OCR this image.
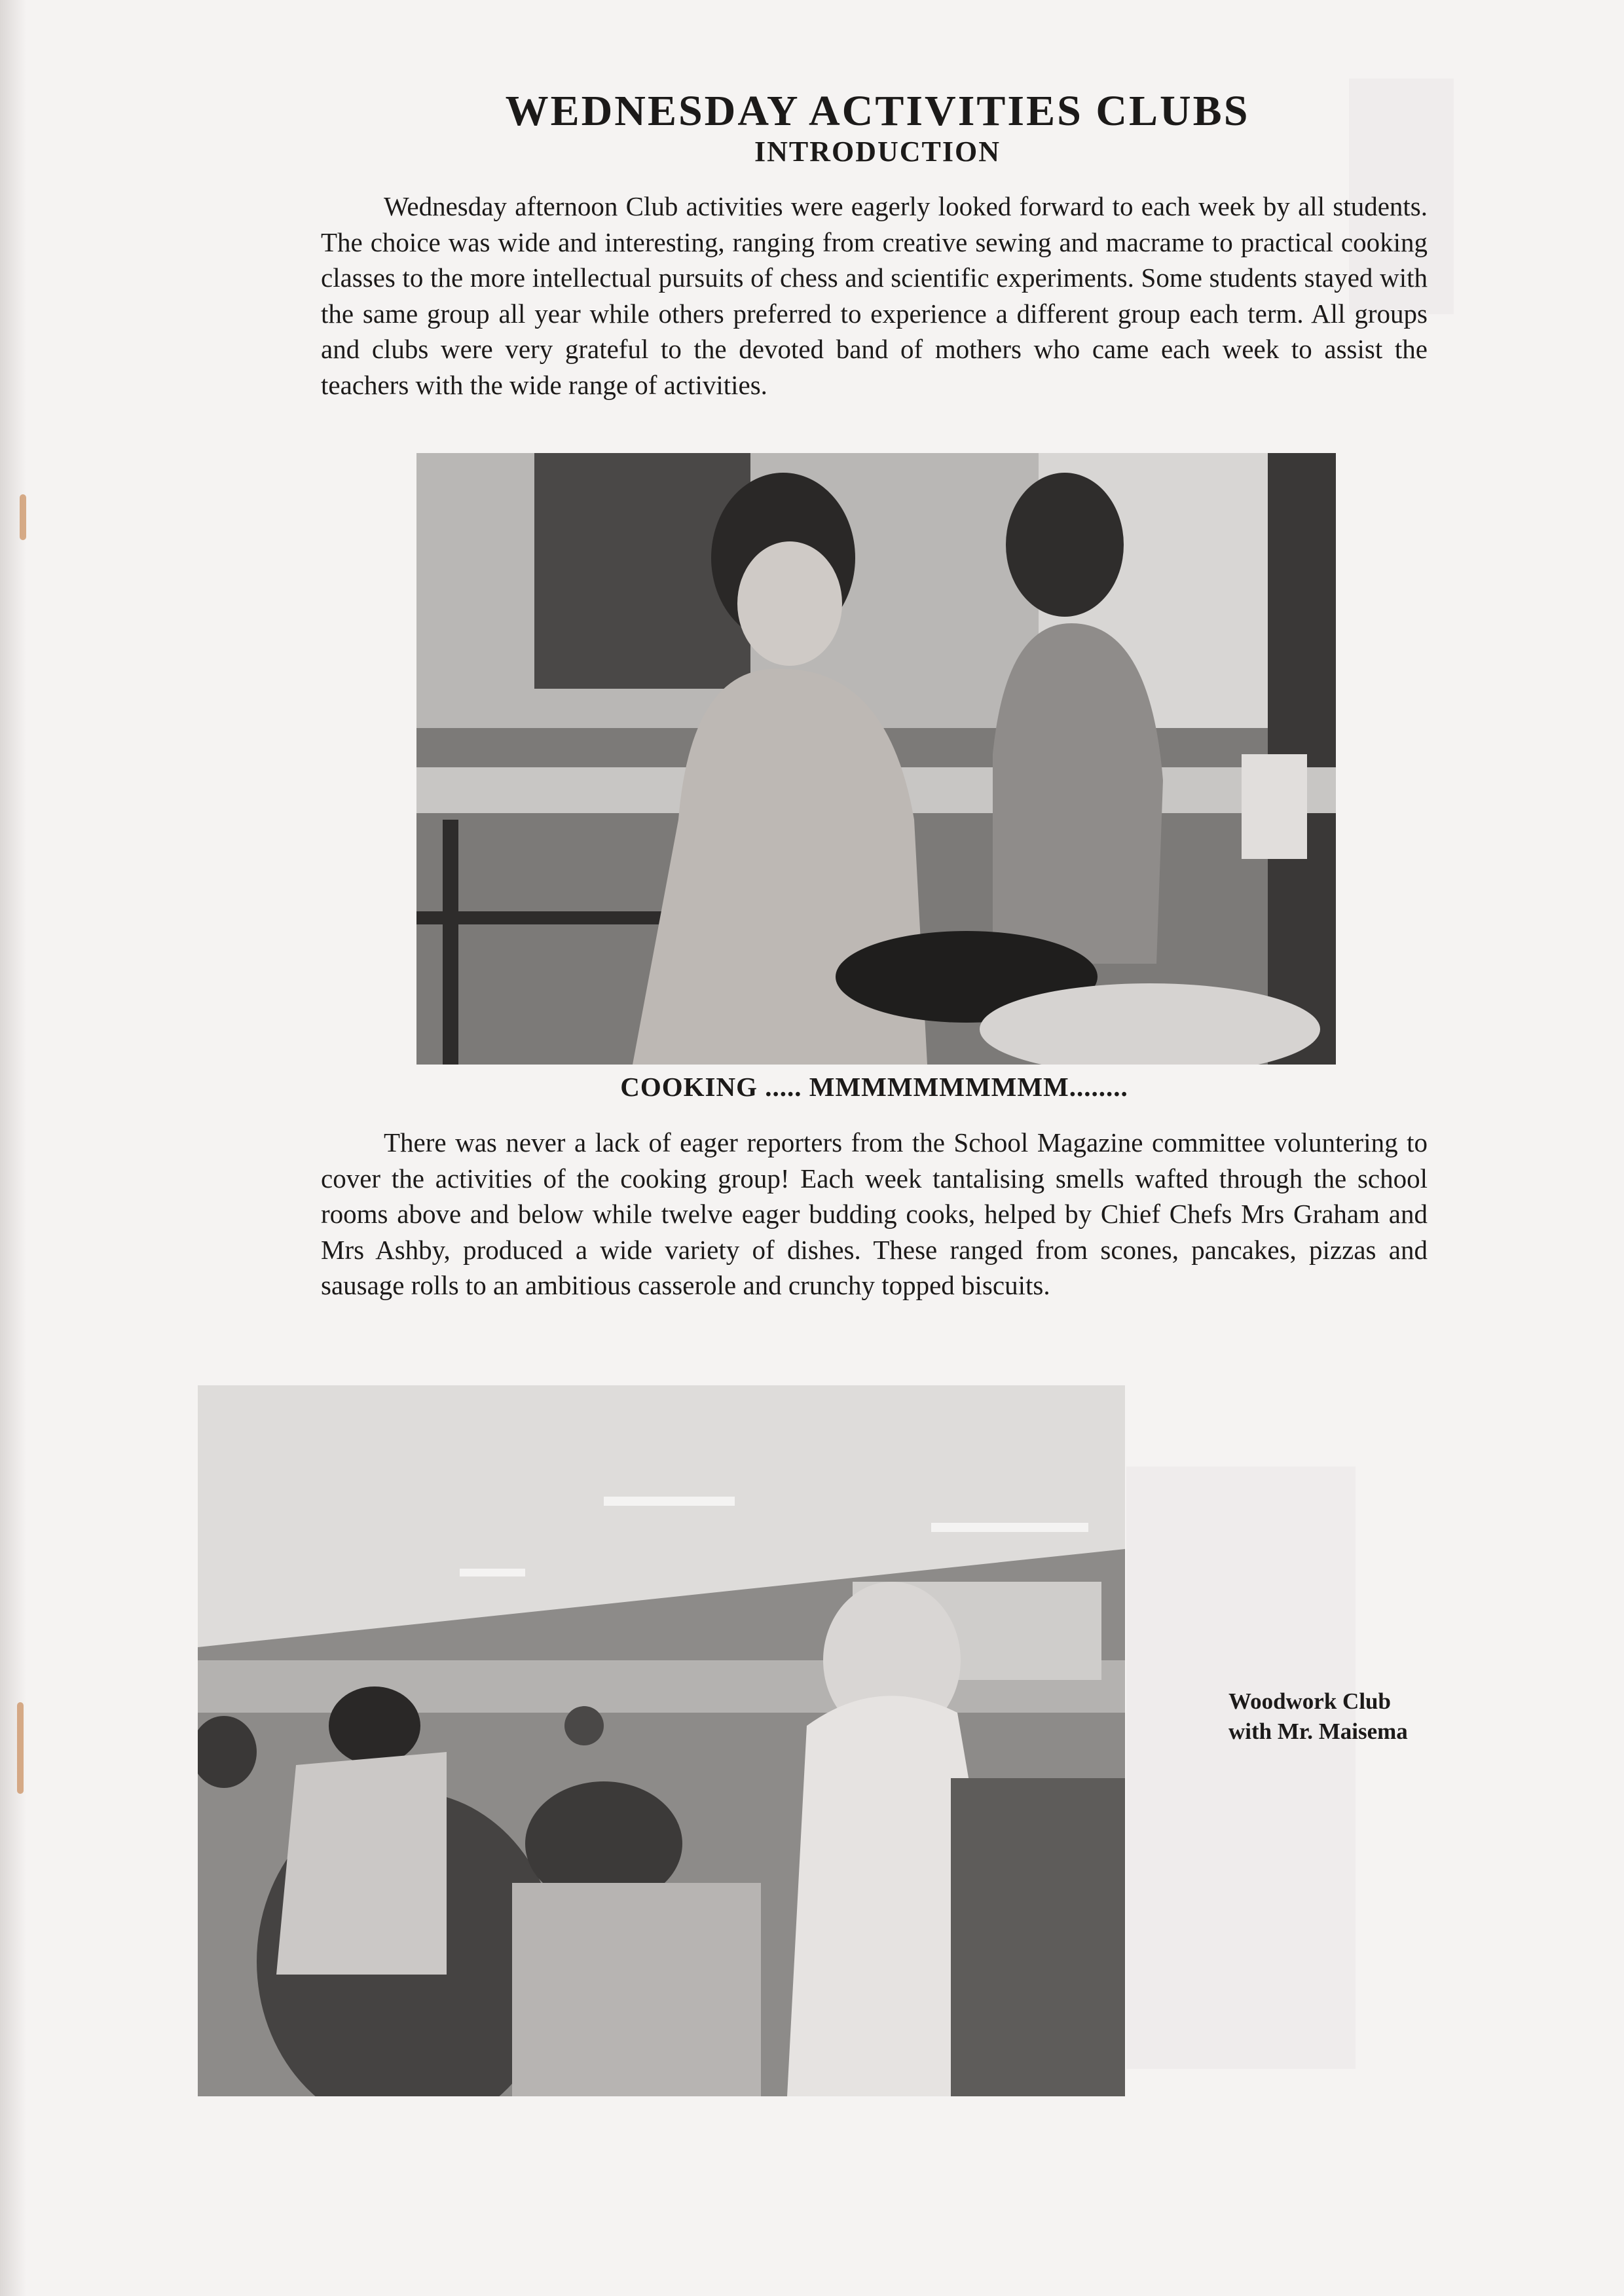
WEDNESDAY ACTIVITIES CLUBS
INTRODUCTION

Wednesday afternoon Club activities were eagerly looked forward to each week by all students. The choice was wide and interesting, ranging from creative sewing and macrame to practical cooking classes to the more intellectual pursuits of chess and scientific experiments. Some students stayed with the same group all year while others preferred to experience a different group each term. All groups and clubs were very grateful to the devoted band of mothers who came each week to assist the teachers with the wide range of activities.

COOKING ..... MMMMMMMMMM........

There was never a lack of eager reporters from the School Magazine committee voluntering to cover the activities of the cooking group! Each week tantalising smells wafted through the school rooms above and below while twelve eager budding cooks, helped by Chief Chefs Mrs Graham and Mrs Ashby, produced a wide variety of dishes. These ranged from scones, pancakes, pizzas and sausage rolls to an ambitious casserole and crunchy topped biscuits.

Woodwork Club
with Mr. Maisema
